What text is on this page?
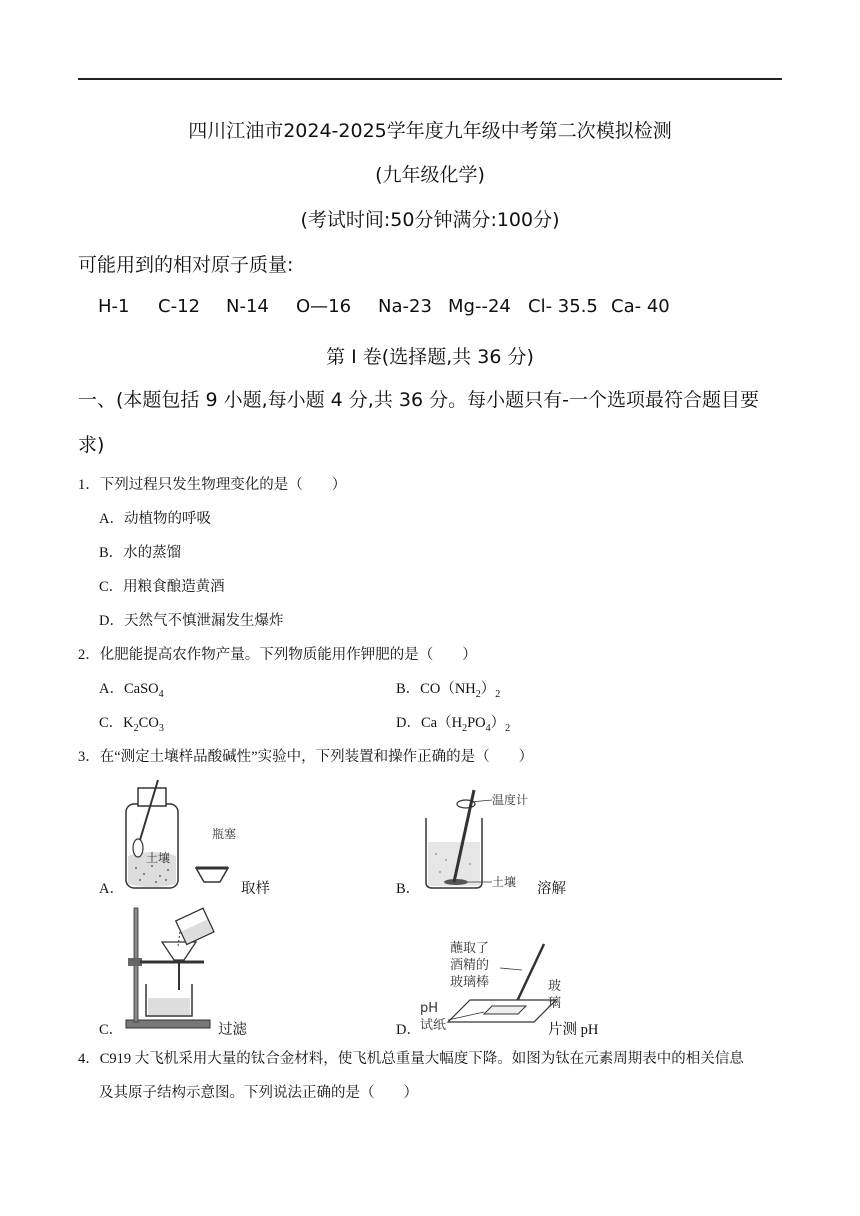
四川江油市2024-2025学年度九年级中考第二次模拟检测
(九年级化学)
(考试时间:50分钟满分:100分)
可能用到的相对原子质量:
H-1 C-12 N-14 O—16 Na-23 Mg--24 Cl- 35.5 Ca- 40
第 I 卷(选择题,共 36 分)
一、(本题包括 9 小题,每小题 4 分,共 36 分。每小题只有-一个选项最符合题目要
求)
1．下列过程只发生物理变化的是（　　）
A．动植物的呼吸
B．水的蒸馏
C．用粮食酿造黄酒
D．天然气不慎泄漏发生爆炸
2．化肥能提高农作物产量。下列物质能用作钾肥的是（　　）
A．CaSO$_4$	B．$CO(NH_2)_2$
C．$K_2CO_3$	D．$Ca(H_2PO_4)_2$
3．在“测定土壤样品酸碱性”实验中，下列装置和操作正确的是（　　）
土壤
瓶塞
A．	取样
温度计
土壤
B．	溶解
C．	过滤
蘸取了
酒精的
玻璃棒
pH
试纸
玻
璃
D．	片测 pH
4．C919 大飞机采用大量的钛合金材料，使飞机总重量大幅度下降。如图为钛在元素周期表中的相关信息
及其原子结构示意图。下列说法正确的是（　　）
